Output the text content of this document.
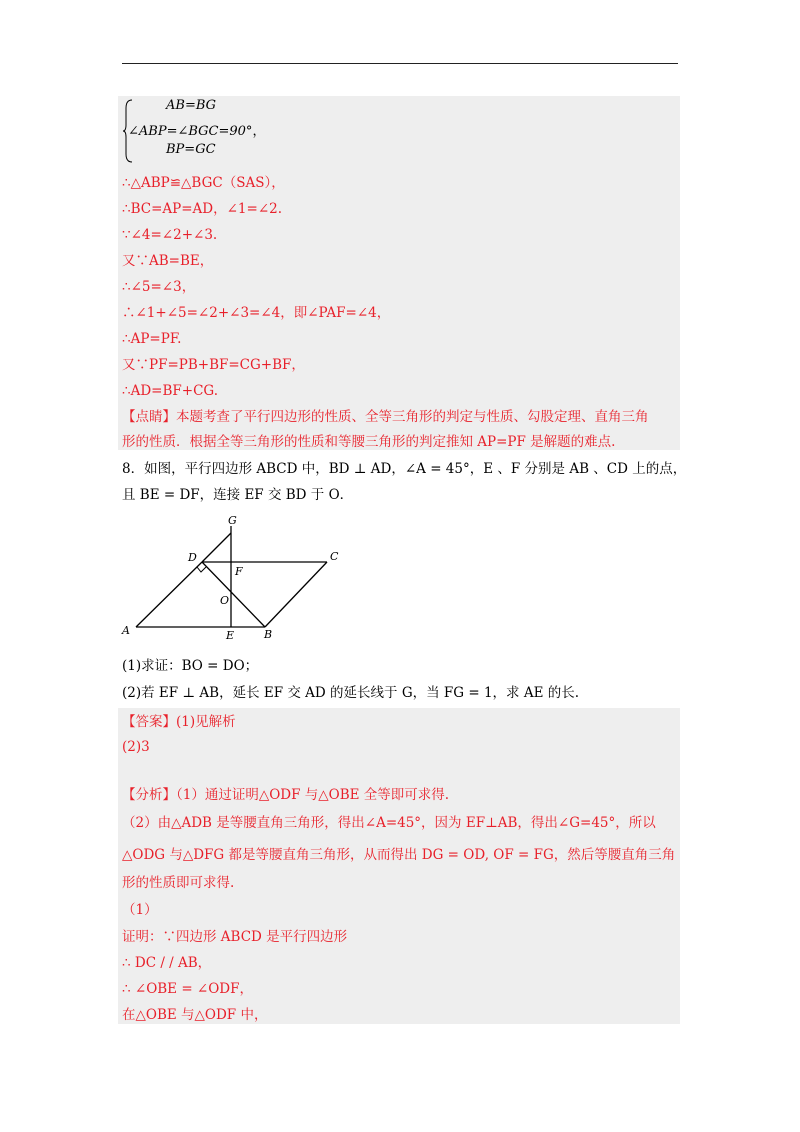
AB=BG
∠ABP=∠BGC=90°，
BP=GC
∴△ABP≌△BGC（SAS），
∴BC=AP=AD，∠1=∠2.
∵∠4=∠2+∠3.
又∵AB=BE，
∴∠5=∠3，
∴∠1+∠5=∠2+∠3=∠4，即∠PAF=∠4，
∴AP=PF.
又∵PF=PB+BF=CG+BF，
∴AD=BF+CG.
【点睛】本题考查了平行四边形的性质、全等三角形的判定与性质、勾股定理、直角三角
形的性质．根据全等三角形的性质和等腰三角形的判定推知 AP=PF 是解题的难点.
8．如图，平行四边形 ABCD 中，BD ⊥ AD，∠A = 45°，E 、F 分别是 AB 、CD 上的点，
且 BE = DF，连接 EF 交 BD 于 O．
G
D	C
F
O
A	E	B
(1)求证：BO = DO；
(2)若 EF ⊥ AB，延长 EF 交 AD 的延长线于 G，当 FG = 1，求 AE 的长.
【答案】(1)见解析
(2)3
【分析】（1）通过证明△ODF 与△OBE 全等即可求得.
（2）由△ADB 是等腰直角三角形，得出∠A=45°，因为 EF⊥AB，得出∠G=45°，所以
△ODG 与△DFG 都是等腰直角三角形，从而得出 DG = OD, OF = FG，然后等腰直角三角
形的性质即可求得.
（1）
证明：∵四边形 ABCD 是平行四边形
∴ DC / / AB，
∴ ∠OBE = ∠ODF，
在△OBE 与△ODF 中，
